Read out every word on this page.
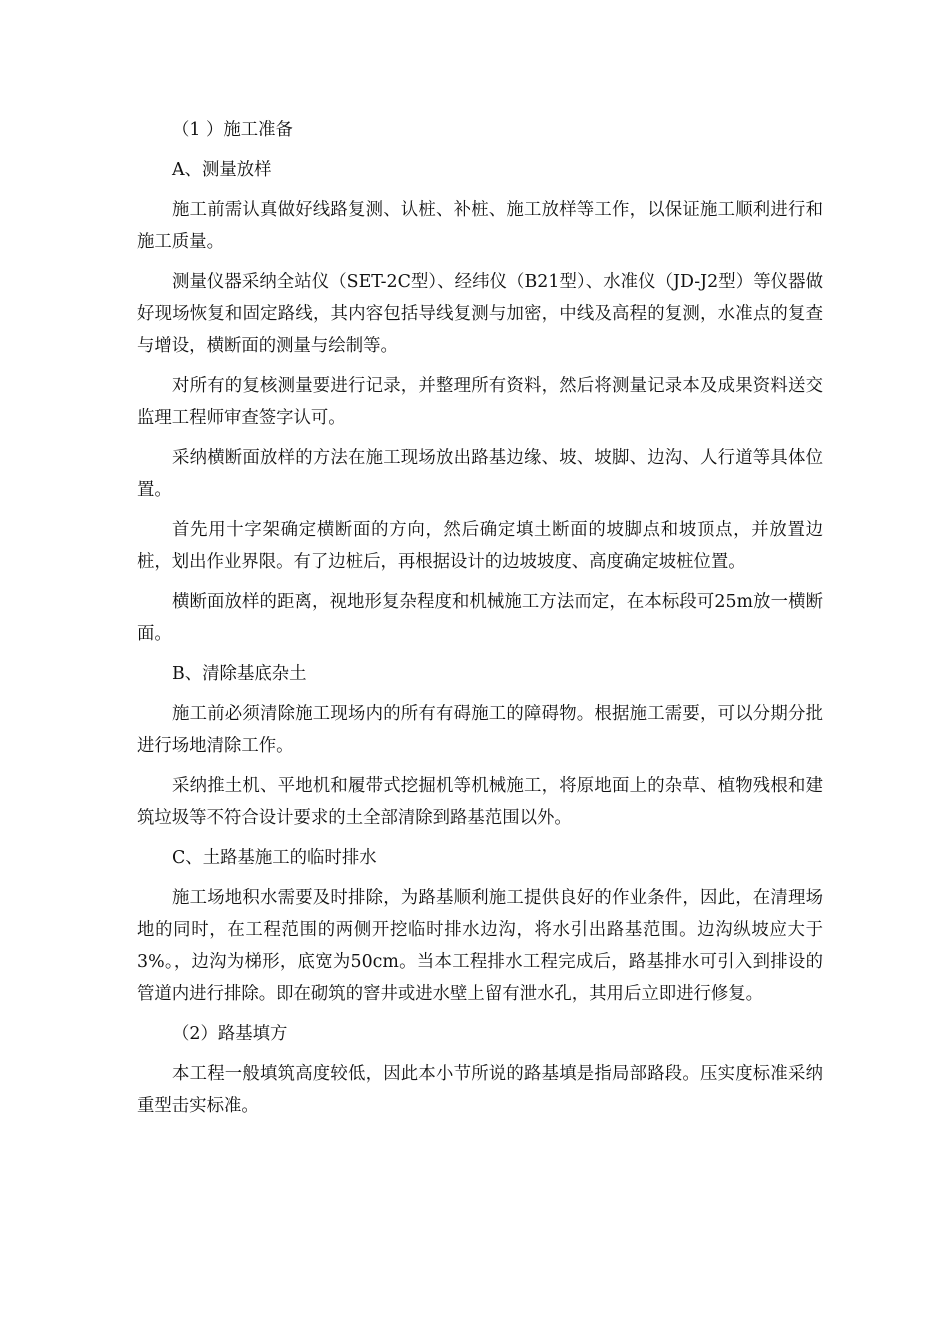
（1 ）施工准备

A、测量放样

施工前需认真做好线路复测、认桩、补桩、施工放样等工作，以保证施工顺利进行和施工质量。

测量仪器采纳全站仪（SET-2C型）、经纬仪（B21型）、水准仪（JD-J2型）等仪器做好现场恢复和固定路线，其内容包括导线复测与加密，中线及高程的复测，水准点的复查与增设，横断面的测量与绘制等。

对所有的复核测量要进行记录，并整理所有资料，然后将测量记录本及成果资料送交监理工程师审查签字认可。

采纳横断面放样的方法在施工现场放出路基边缘、坡、坡脚、边沟、人行道等具体位置。

首先用十字架确定横断面的方向，然后确定填土断面的坡脚点和坡顶点，并放置边桩，划出作业界限。有了边桩后，再根据设计的边坡坡度、高度确定坡桩位置。

横断面放样的距离，视地形复杂程度和机械施工方法而定，在本标段可25m放一横断面。

B、清除基底杂土

施工前必须清除施工现场内的所有有碍施工的障碍物。根据施工需要，可以分期分批进行场地清除工作。

采纳推土机、平地机和履带式挖掘机等机械施工，将原地面上的杂草、植物残根和建筑垃圾等不符合设计要求的土全部清除到路基范围以外。

C、土路基施工的临时排水

施工场地积水需要及时排除，为路基顺利施工提供良好的作业条件，因此，在清理场地的同时，在工程范围的两侧开挖临时排水边沟，将水引出路基范围。边沟纵坡应大于3%。，边沟为梯形，底宽为50cm。当本工程排水工程完成后，路基排水可引入到排设的管道内进行排除。即在砌筑的窨井或进水壁上留有泄水孔，其用后立即进行修复。

（2）路基填方

本工程一般填筑高度较低，因此本小节所说的路基填是指局部路段。压实度标准采纳重型击实标准。
